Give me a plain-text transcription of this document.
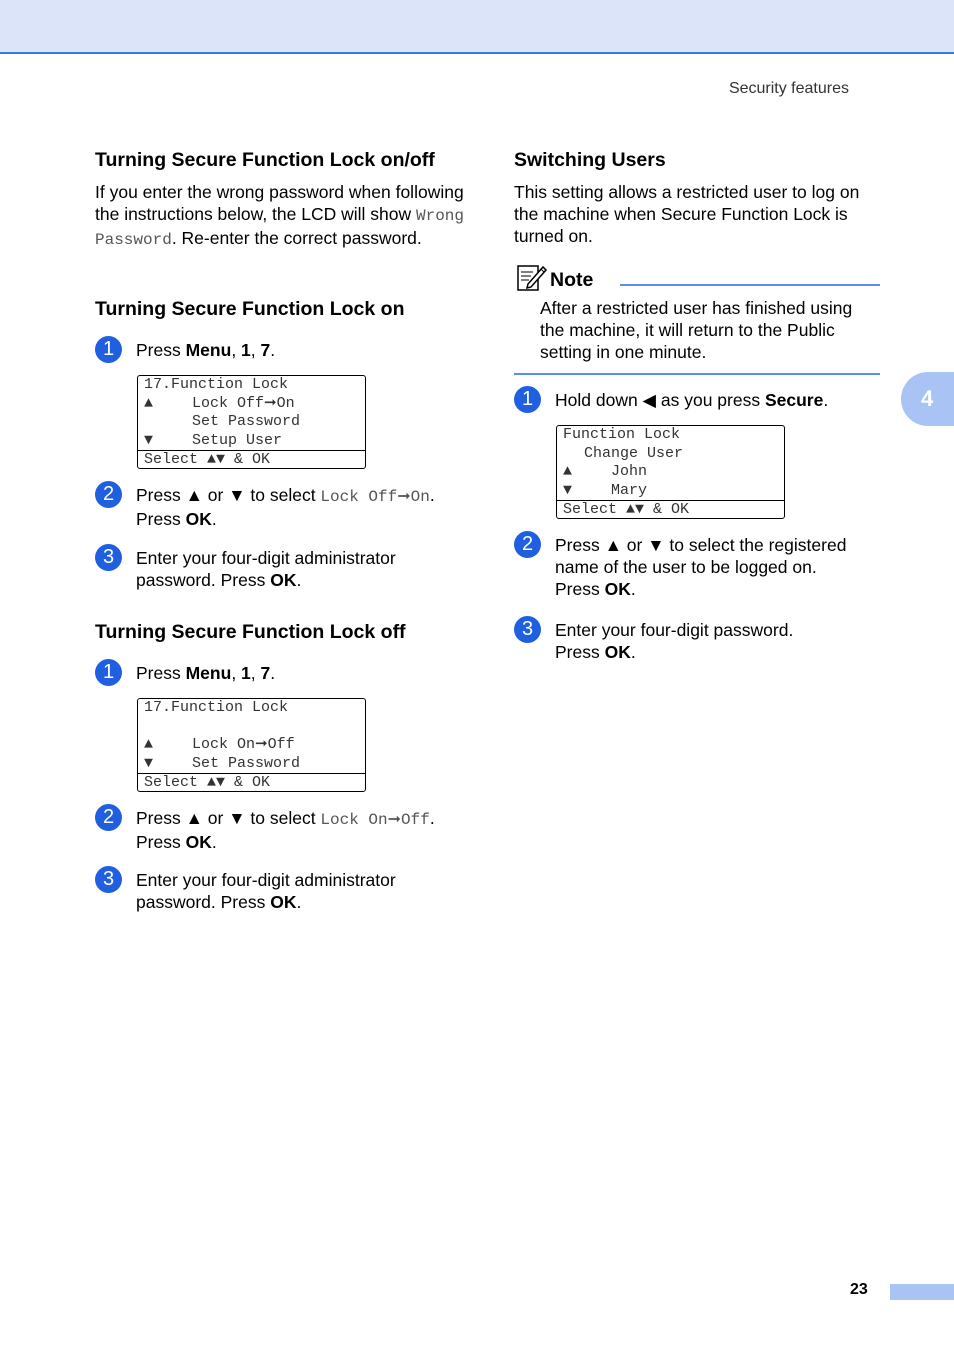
Security features
4
Turning Secure Function Lock on/off
If you enter the wrong password when following the instructions below, the LCD will show Wrong Password. Re-enter the correct password.
Turning Secure Function Lock on
1	Press Menu, 1, 7.
17.Function Lock
▲	Lock Off➞On
Set Password
▼	Setup User
Select ▲▼ & OK
2	Press ▲ or ▼ to select Lock Off➞On.
Press OK.
3	Enter your four-digit administrator
password. Press OK.
Turning Secure Function Lock off
1	Press Menu, 1, 7.
17.Function Lock
▲	Lock On➞Off
▼	Set Password
Select ▲▼ & OK
2	Press ▲ or ▼ to select Lock On➞Off.
Press OK.
3	Enter your four-digit administrator
password. Press OK.
Switching Users
This setting allows a restricted user to log on the machine when Secure Function Lock is turned on.
Note
After a restricted user has finished using the machine, it will return to the Public setting in one minute.
1	Hold down ◀ as you press Secure.
Function Lock
Change User
▲	John
▼	Mary
Select ▲▼ & OK
2	Press ▲ or ▼ to select the registered
name of the user to be logged on.
Press OK.
3	Enter your four-digit password.
Press OK.
23
